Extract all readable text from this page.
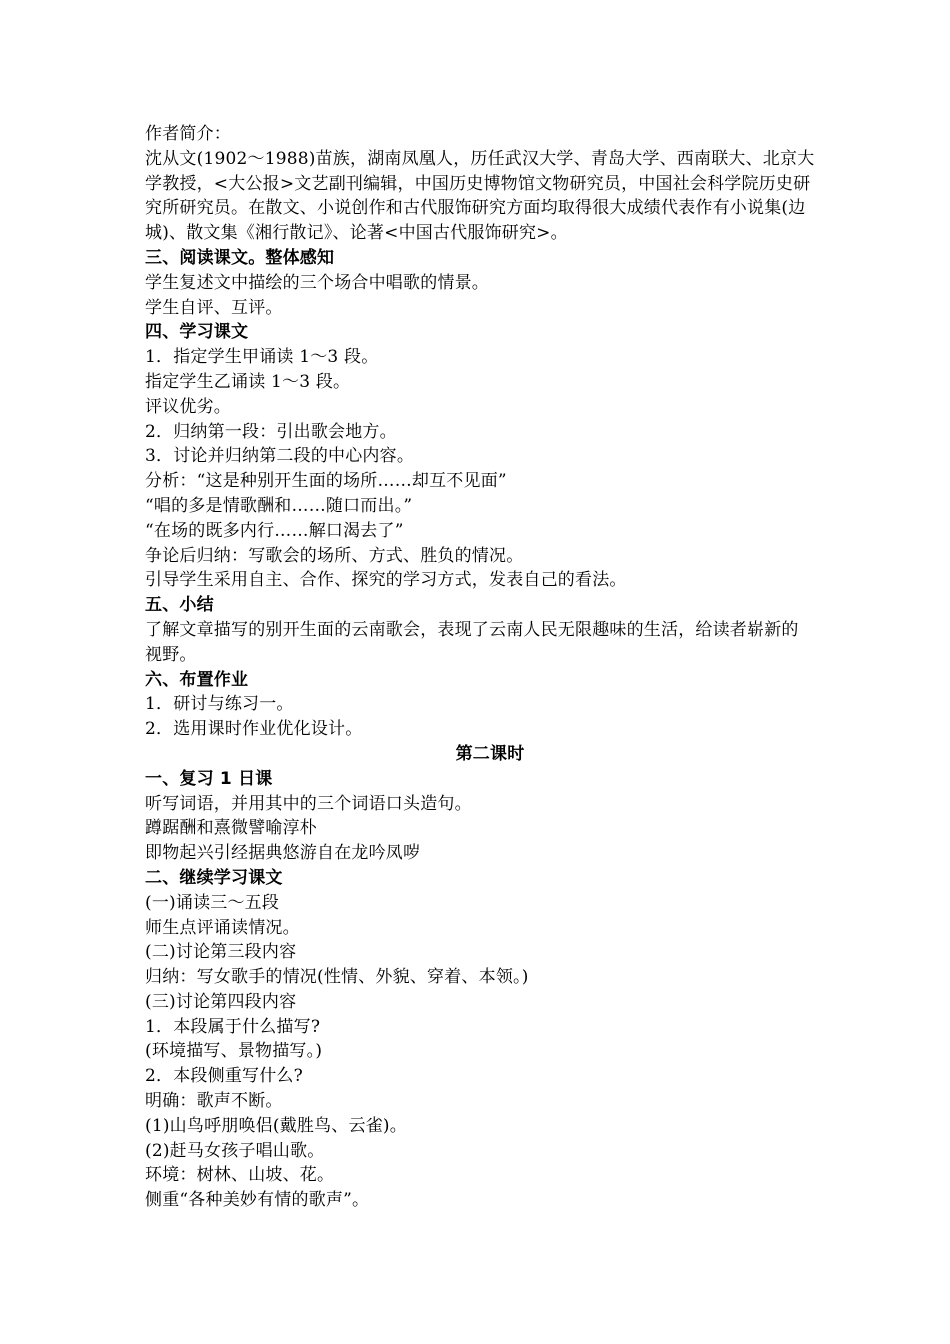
作者简介：
沈从文(1902～1988)苗族，湖南凤凰人，历任武汉大学、青岛大学、西南联大、北京大学教授，<大公报>文艺副刊编辑，中国历史博物馆文物研究员，中国社会科学院历史研究所研究员。在散文、小说创作和古代服饰研究方面均取得很大成绩代表作有小说集(边城)、散文集《湘行散记》、论著<中国古代服饰研究>。
三、阅读课文。整体感知
学生复述文中描绘的三个场合中唱歌的情景。
学生自评、互评。
四、学习课文
1．指定学生甲诵读 1～3 段。
指定学生乙诵读 1～3 段。
评议优劣。
2．归纳第一段：引出歌会地方。
3．讨论并归纳第二段的中心内容。
分析：“这是种别开生面的场所……却互不见面”
“唱的多是情歌酬和……随口而出。”
“在场的既多内行……解口渴去了”
争论后归纳：写歌会的场所、方式、胜负的情况。
引导学生采用自主、合作、探究的学习方式，发表自己的看法。
五、小结
了解文章描写的别开生面的云南歌会，表现了云南人民无限趣味的生活，给读者崭新的视野。
六、布置作业
1．研讨与练习一。
2．选用课时作业优化设计。
第二课时
一、复习 1 日课
听写词语，并用其中的三个词语口头造句。
蹲踞酬和熹微譬喻淳朴
即物起兴引经据典悠游自在龙吟凤哕
二、继续学习课文
(一)诵读三～五段
师生点评诵读情况。
(二)讨论第三段内容
归纳：写女歌手的情况(性情、外貌、穿着、本领。)
(三)讨论第四段内容
1．本段属于什么描写?
(环境描写、景物描写。)
2．本段侧重写什么?
明确：歌声不断。
(1)山鸟呼朋唤侣(戴胜鸟、云雀)。
(2)赶马女孩子唱山歌。
环境：树林、山坡、花。
侧重“各种美妙有情的歌声”。
